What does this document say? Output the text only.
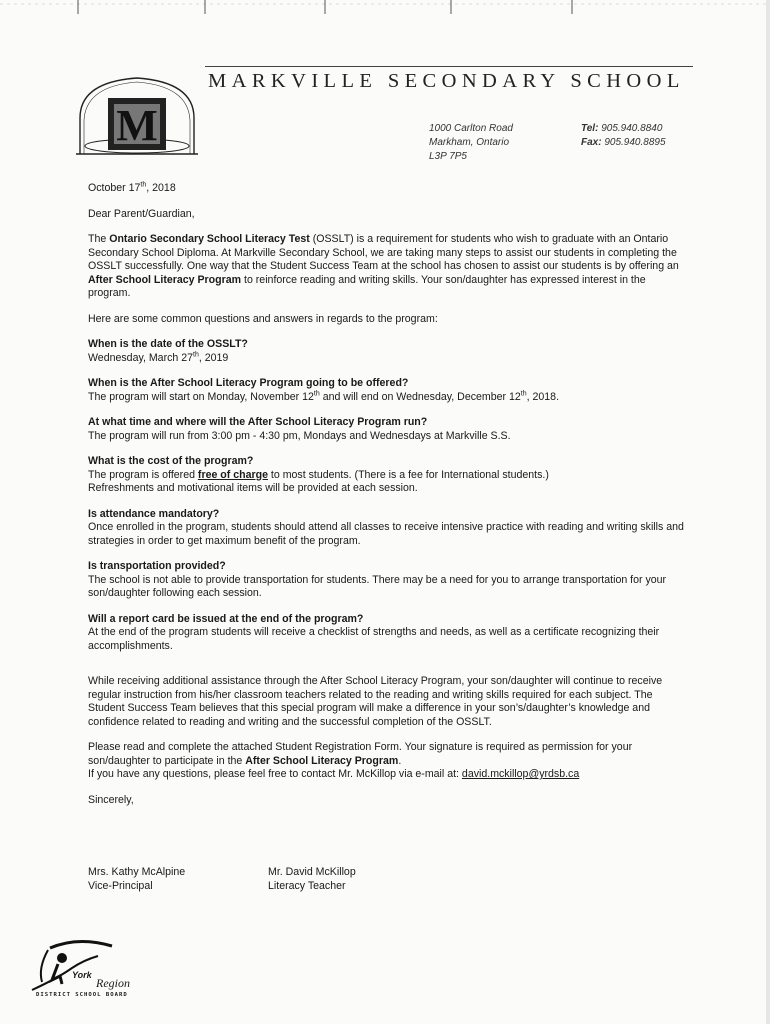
M
MARKVILLE SECONDARY SCHOOL
1000 Carlton Road
Markham, Ontario
L3P 7P5
Tel: 905.940.8840
Fax: 905.940.8895

October 17th, 2018

Dear Parent/Guardian,

The Ontario Secondary School Literacy Test (OSSLT) is a requirement for students who wish to graduate with an Ontario Secondary School Diploma. At Markville Secondary School, we are taking many steps to assist our students in completing the OSSLT successfully. One way that the Student Success Team at the school has chosen to assist our students is by offering an After School Literacy Program to reinforce reading and writing skills. Your son/daughter has expressed interest in the program.

Here are some common questions and answers in regards to the program:

When is the date of the OSSLT?
Wednesday, March 27th, 2019

When is the After School Literacy Program going to be offered?
The program will start on Monday, November 12th and will end on Wednesday, December 12th, 2018.

At what time and where will the After School Literacy Program run?
The program will run from 3:00 pm - 4:30 pm, Mondays and Wednesdays at Markville S.S.

What is the cost of the program?
The program is offered free of charge to most students. (There is a fee for International students.)
Refreshments and motivational items will be provided at each session.

Is attendance mandatory?
Once enrolled in the program, students should attend all classes to receive intensive practice with reading and writing skills and strategies in order to get maximum benefit of the program.

Is transportation provided?
The school is not able to provide transportation for students. There may be a need for you to arrange transportation for your son/daughter following each session.

Will a report card be issued at the end of the program?
At the end of the program students will receive a checklist of strengths and needs, as well as a certificate recognizing their accomplishments.

While receiving additional assistance through the After School Literacy Program, your son/daughter will continue to receive regular instruction from his/her classroom teachers related to the reading and writing skills required for each subject. The Student Success Team believes that this special program will make a difference in your son’s/daughter’s knowledge and confidence related to reading and writing and the successful completion of the OSSLT.

Please read and complete the attached Student Registration Form. Your signature is required as permission for your son/daughter to participate in the After School Literacy Program.
If you have any questions, please feel free to contact Mr. McKillop via e-mail at: david.mckillop@yrdsb.ca

Sincerely,

Mrs. Kathy McAlpine
Vice-Principal
Mr. David McKillop
Literacy Teacher
York
Region
DISTRICT SCHOOL BOARD
